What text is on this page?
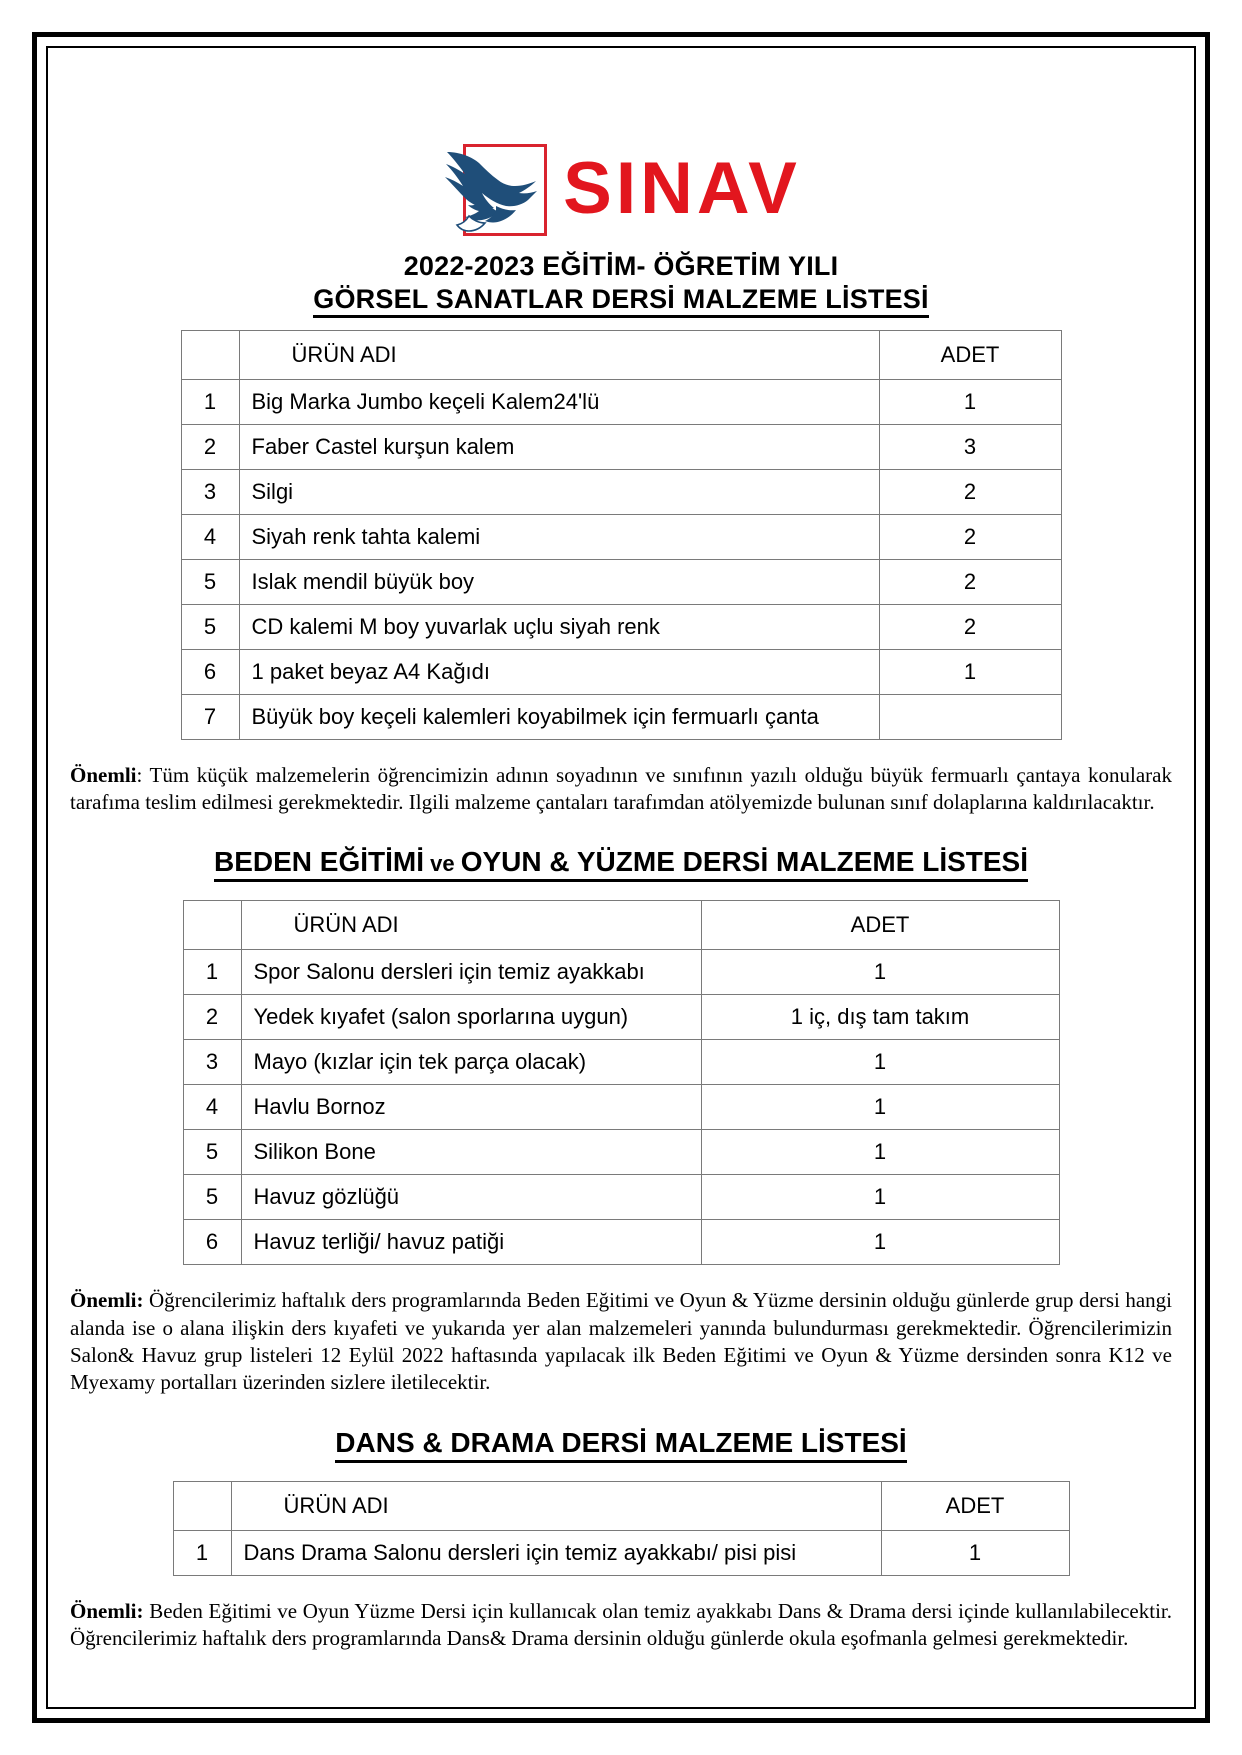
SINAV
2022-2023 EĞİTİM- ÖĞRETİM YILI
GÖRSEL SANATLAR DERSİ MALZEME LİSTESİ
	ÜRÜN ADI	ADET
1	Big Marka Jumbo keçeli Kalem24'lü	1
2	Faber Castel kurşun kalem	3
3	Silgi	2
4	Siyah renk tahta kalemi	2
5	Islak mendil büyük boy	2
5	CD kalemi M boy yuvarlak uçlu siyah renk	2
6	1 paket beyaz A4 Kağıdı	1
7	Büyük boy keçeli kalemleri koyabilmek için fermuarlı çanta	

Önemli: Tüm küçük malzemelerin öğrencimizin adının soyadının ve sınıfının yazılı olduğu büyük fermuarlı çantaya konularak tarafıma teslim edilmesi gerekmektedir. Ilgili malzeme çantaları tarafımdan atölyemizde bulunan sınıf dolaplarına kaldırılacaktır.

BEDEN EĞİTİMİ ve OYUN & YÜZME DERSİ MALZEME LİSTESİ
	ÜRÜN ADI	ADET
1	Spor Salonu dersleri için temiz ayakkabı	1
2	Yedek kıyafet (salon sporlarına uygun)	1 iç, dış tam takım
3	Mayo (kızlar için tek parça olacak)	1
4	Havlu Bornoz	1
5	Silikon Bone	1
5	Havuz gözlüğü	1
6	Havuz terliği/ havuz patiği	1

Önemli: Öğrencilerimiz haftalık ders programlarında Beden Eğitimi ve Oyun & Yüzme dersinin olduğu günlerde grup dersi hangi alanda ise o alana ilişkin ders kıyafeti ve yukarıda yer alan malzemeleri yanında bulundurması gerekmektedir. Öğrencilerimizin Salon& Havuz grup listeleri 12 Eylül 2022 haftasında yapılacak ilk Beden Eğitimi ve Oyun & Yüzme dersinden sonra K12 ve Myexamy portalları üzerinden sizlere iletilecektir.

DANS & DRAMA DERSİ MALZEME LİSTESİ
	ÜRÜN ADI	ADET
1	Dans Drama Salonu dersleri için temiz ayakkabı/ pisi pisi	1

Önemli: Beden Eğitimi ve Oyun Yüzme Dersi için kullanıcak olan temiz ayakkabı Dans & Drama dersi içinde kullanılabilecektir. Öğrencilerimiz haftalık ders programlarında Dans& Drama dersinin olduğu günlerde okula eşofmanla gelmesi gerekmektedir.
